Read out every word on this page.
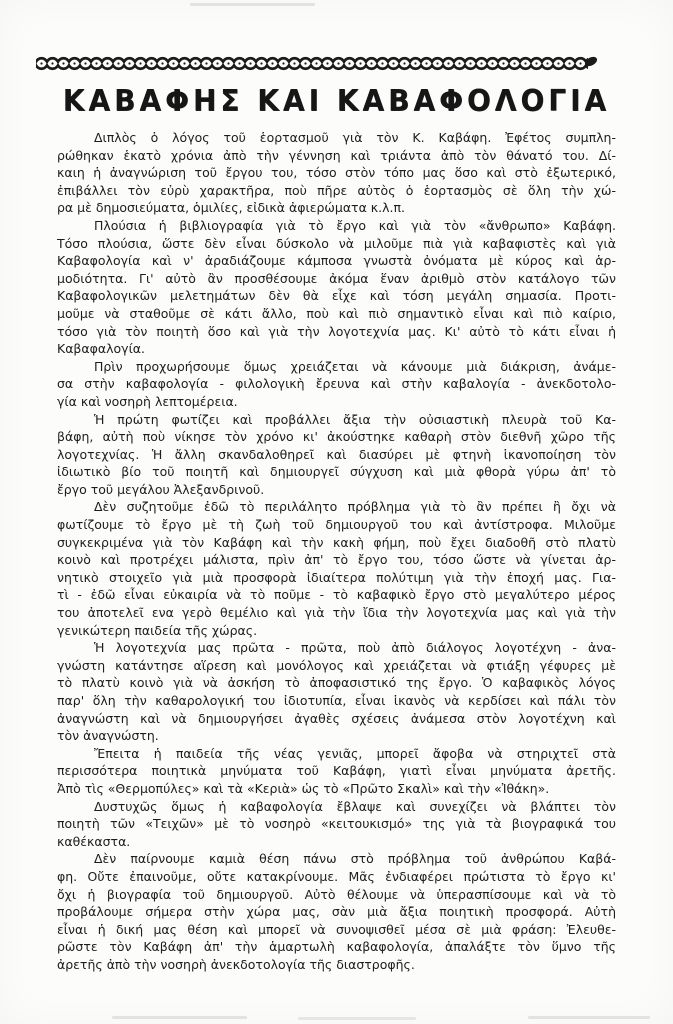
ΚΑΒΑΦΗΣ ΚΑΙ ΚΑΒΑΦΟΛΟΓΙΑ
Διπλὸς ὁ λόγος τοῦ ἑορτασμοῦ γιὰ τὸν Κ. Καβάφη. Ἐφέτος συμπλη-
ρώθηκαν ἑκατὸ χρόνια ἀπὸ τὴν γέννηση καὶ τριάντα ἀπὸ τὸν θάνατό του. Δί-
καιη ἡ ἀναγνώριση τοῦ ἔργου του, τόσο στὸν τόπο μας ὅσο καὶ στὸ ἐξωτερικό,
ἐπιβάλλει τὸν εὐρὺ χαρακτῆρα, ποὺ πῆρε αὐτὸς ὁ ἑορτασμὸς σὲ ὅλη τὴν χώ-
ρα μὲ δημοσιεύματα, ὁμιλίες, εἰδικὰ ἀφιερώματα κ.λ.π.
Πλούσια ἡ βιβλιογραφία γιὰ τὸ ἔργο καὶ γιὰ τὸν «ἄνθρωπο» Καβάφη.
Τόσο πλούσια, ὥστε δὲν εἶναι δύσκολο νὰ μιλοῦμε πιὰ γιὰ καβαφιστὲς καὶ γιὰ
Καβαφολογία καὶ ν' ἀραδιάζουμε κάμποσα γνωστὰ ὀνόματα μὲ κύρος καὶ ἁρ-
μοδιότητα. Γι' αὐτὸ ἂν προσθέσουμε ἀκόμα ἕναν ἀριθμὸ στὸν κατάλογο τῶν
Καβαφολογικῶν μελετημάτων δὲν θὰ εἶχε καὶ τόση μεγάλη σημασία. Προτι-
μοῦμε νὰ σταθοῦμε σὲ κάτι ἄλλο, ποὺ καὶ πιὸ σημαντικὸ εἶναι καὶ πιὸ καίριο,
τόσο γιὰ τὸν ποιητὴ ὅσο καὶ γιὰ τὴν λογοτεχνία μας. Κι' αὐτὸ τὸ κάτι εἶναι ἡ
Καβαφαλογία.
Πρὶν προχωρήσουμε ὅμως χρειάζεται νὰ κάνουμε μιὰ διάκριση, ἀνάμε-
σα στὴν καβαφολογία - φιλολογικὴ ἔρευνα καὶ στὴν καβαλογία - ἀνεκδοτολο-
γία καὶ νοσηρὴ λεπτομέρεια.
Ἡ πρώτη φωτίζει καὶ προβάλλει ἄξια τὴν οὐσιαστικὴ πλευρὰ τοῦ Κα-
βάφη, αὐτὴ ποὺ νίκησε τὸν χρόνο κι' ἀκούστηκε καθαρὴ στὸν διεθνῆ χῶρο τῆς
λογοτεχνίας. Ἡ ἄλλη σκανδαλοθηρεῖ καὶ διασύρει μὲ φτηνὴ ἱκανοποίηση τὸν
ἰδιωτικὸ βίο τοῦ ποιητῆ καὶ δημιουργεῖ σύγχυση καὶ μιὰ φθορὰ γύρω ἀπ' τὸ
ἔργο τοῦ μεγάλου Ἀλεξανδρινοῦ.
Δὲν συζητοῦμε ἐδῶ τὸ περιλάλητο πρόβλημα γιὰ τὸ ἂν πρέπει ἢ ὄχι νὰ
φωτίζουμε τὸ ἔργο μὲ τὴ ζωὴ τοῦ δημιουργοῦ του καὶ ἀντίστροφα. Μιλοῦμε
συγκεκριμένα γιὰ τὸν Καβάφη καὶ τὴν κακὴ φήμη, ποὺ ἔχει διαδοθῆ στὸ πλατὺ
κοινὸ καὶ προτρέχει μάλιστα, πρὶν ἀπ' τὸ ἔργο του, τόσο ὥστε νὰ γίνεται ἀρ-
νητικὸ στοιχεῖο γιὰ μιὰ προσφορὰ ἰδιαίτερα πολύτιμη γιὰ τὴν ἐποχή μας. Για-
τὶ - ἐδῶ εἶναι εὐκαιρία νὰ τὸ ποῦμε - τὸ καβαφικὸ ἔργο στὸ μεγαλύτερο μέρος
του ἀποτελεῖ ενα γερὸ θεμέλιο καὶ γιὰ τὴν ἴδια τὴν λογοτεχνία μας καὶ γιὰ τὴν
γενικώτερη παιδεία τῆς χώρας.
Ἡ λογοτεχνία μας πρῶτα - πρῶτα, ποὺ ἀπὸ διάλογος λογοτέχνη - ἀνα-
γνώστη κατάντησε αἵρεση καὶ μονόλογος καὶ χρειάζεται νὰ φτιάξη γέφυρες μὲ
τὸ πλατὺ κοινὸ γιὰ νὰ ἀσκήση τὸ ἀποφασιστικό της ἔργο. Ὁ καβαφικὸς λόγος
παρ' ὅλη τὴν καθαρολογική του ἰδιοτυπία, εἶναι ἱκανὸς νὰ κερδίσει καὶ πάλι τὸν
ἀναγνώστη καὶ νὰ δημιουργήσει ἀγαθὲς σχέσεις ἀνάμεσα στὸν λογοτέχνη καὶ
τὸν ἀναγνώστη.
Ἔπειτα ἡ παιδεία τῆς νέας γενιᾶς, μπορεῖ ἄφοβα νὰ στηριχτεῖ στὰ
περισσότερα ποιητικὰ μηνύματα τοῦ Καβάφη, γιατὶ εἶναι μηνύματα ἀρετῆς.
Ἀπὸ τὶς «Θερμοπύλες» καὶ τὰ «Κεριὰ» ὡς τὸ «Πρῶτο Σκαλὶ» καὶ τὴν «Ἰθάκη».
Δυστυχῶς ὅμως ἡ καβαφολογία ἔβλαψε καὶ συνεχίζει νὰ βλάπτει τὸν
ποιητὴ τῶν «Τειχῶν» μὲ τὸ νοσηρὸ «κειτουκισμό» της γιὰ τὰ βιογραφικά του
καθέκαστα.
Δὲν παίρνουμε καμιὰ θέση πάνω στὸ πρόβλημα τοῦ ἀνθρώπου Καβά-
φη. Οὔτε ἐπαινοῦμε, οὔτε κατακρίνουμε. Μᾶς ἐνδιαφέρει πρώτιστα τὸ ἔργο κι'
ὄχι ἡ βιογραφία τοῦ δημιουργοῦ. Αὐτὸ θέλουμε νὰ ὑπερασπίσουμε καὶ νὰ τὸ
προβάλουμε σήμερα στὴν χώρα μας, σὰν μιὰ ἄξια ποιητικὴ προσφορά. Αὐτὴ
εἶναι ἡ δική μας θέση καὶ μπορεῖ νὰ συνοψισθεῖ μέσα σὲ μιὰ φράση: Ἐλευθε-
ρῶστε τὸν Καβάφη ἀπ' τὴν ἁμαρτωλὴ καβαφολογία, ἀπαλάξτε τὸν ὕμνο τῆς
ἀρετῆς ἀπὸ τὴν νοσηρὴ ἀνεκδοτολογία τῆς διαστροφῆς.
